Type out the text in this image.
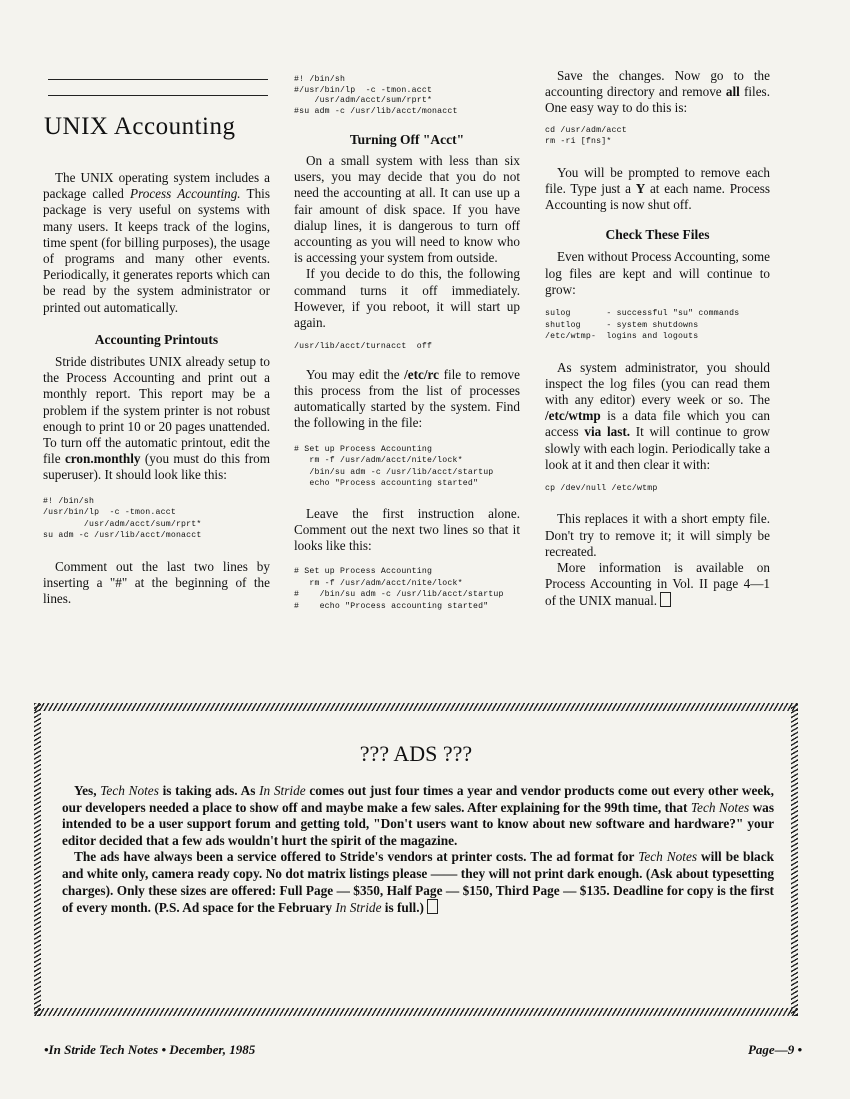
UNIX Accounting

The UNIX operating system includes a package called Process Accounting. This package is very useful on systems with many users. It keeps track of the logins, time spent (for billing purposes), the usage of programs and many other events. Periodically, it generates reports which can be read by the system administrator or printed out automatically.

Accounting Printouts

Stride distributes UNIX already setup to the Process Accounting and print out a monthly report. This report may be a problem if the system printer is not robust enough to print 10 or 20 pages unattended. To turn off the automatic printout, edit the file cron.monthly (you must do this from superuser). It should look like this:

#! /bin/sh
/usr/bin/lp  -c -tmon.acct
/usr/adm/acct/sum/rprt*
su adm -c /usr/lib/acct/monacct

Comment out the last two lines by inserting a "#" at the beginning of the lines.

#! /bin/sh
#/usr/bin/lp  -c -tmon.acct
/usr/adm/acct/sum/rprt*
#su adm -c /usr/lib/acct/monacct
Turning Off "Acct"

On a small system with less than six users, you may decide that you do not need the accounting at all. It can use up a fair amount of disk space. If you have dialup lines, it is dangerous to turn off accounting as you will need to know who is accessing your system from outside.

If you decide to do this, the following command turns it off immediately. However, if you reboot, it will start up again.

/usr/lib/acct/turnacct  off

You may edit the /etc/rc file to remove this process from the list of processes automatically started by the system. Find the following in the file:

# Set up Process Accounting
rm -f /usr/adm/acct/nite/lock*
/bin/su adm -c /usr/lib/acct/startup
echo "Process accounting started"

Leave the first instruction alone. Comment out the next two lines so that it looks like this:

# Set up Process Accounting
rm -f /usr/adm/acct/nite/lock*
#    /bin/su adm -c /usr/lib/acct/startup
#    echo "Process accounting started"

Save the changes. Now go to the accounting directory and remove all files. One easy way to do this is:

cd /usr/adm/acct
rm -ri [fns]*

You will be prompted to remove each file. Type just a Y at each name. Process Accounting is now shut off.

Check These Files

Even without Process Accounting, some log files are kept and will continue to grow:

sulog       - successful "su" commands
shutlog     - system shutdowns
/etc/wtmp-  logins and logouts

As system administrator, you should inspect the log files (you can read them with any editor) every week or so. The /etc/wtmp is a data file which you can access via last. It will continue to grow slowly with each login. Periodically take a look at it and then clear it with:

cp /dev/null /etc/wtmp

This replaces it with a short empty file. Don't try to remove it; it will simply be recreated.

More information is available on Process Accounting in Vol. II page 4—1 of the UNIX manual.

??? ADS ???

Yes, Tech Notes is taking ads. As In Stride comes out just four times a year and vendor products come out every other week, our developers needed a place to show off and maybe make a few sales. After explaining for the 99th time, that Tech Notes was intended to be a user support forum and getting told, "Don't users want to know about new software and hardware?" your editor decided that a few ads wouldn't hurt the spirit of the magazine.

The ads have always been a service offered to Stride's vendors at printer costs. The ad format for Tech Notes will be black and white only, camera ready copy. No dot matrix listings please —— they will not print dark enough. (Ask about typesetting charges). Only these sizes are offered: Full Page — $350, Half Page — $150, Third Page — $135. Deadline for copy is the first of every month. (P.S. Ad space for the February In Stride is full.)

•In Stride Tech Notes • December, 1985	Page—9 •
